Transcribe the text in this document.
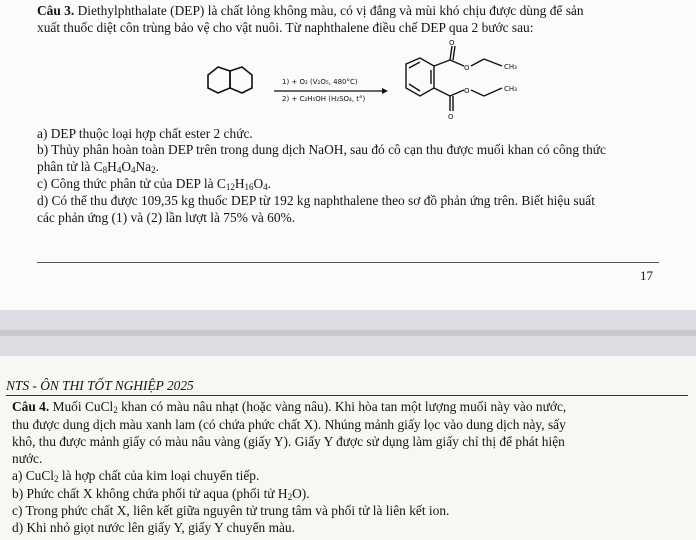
Câu 3. Diethylphthalate (DEP) là chất lỏng không màu, có vị đắng và mùi khó chịu được dùng để sản
xuất thuốc diệt côn trùng bảo vệ cho vật nuôi. Từ naphthalene điều chế DEP qua 2 bước sau:
1) + O₂ (V₂O₅, 480°C)
2) + C₂H₅OH (H₂SO₄, t°)
O
O	CH₃
O	CH₃
O
a) DEP thuộc loại hợp chất ester 2 chức.
b) Thủy phân hoàn toàn DEP trên trong dung dịch NaOH, sau đó cô cạn thu được muối khan có công thức
phân tử là $C_8H_4O_4Na_2$.
c) Công thức phân tử của DEP là $C_{12}H_{16}O_4$.
d) Có thể thu được 109,35 kg thuốc DEP từ 192 kg naphthalene theo sơ đồ phản ứng trên. Biết hiệu suất
các phản ứng (1) và (2) lần lượt là 75% và 60%.
17
NTS - ÔN THI TỐT NGHIỆP 2025
Câu 4. Muối CuCl$_2$ khan có màu nâu nhạt (hoặc vàng nâu). Khi hòa tan một lượng muối này vào nước,
thu được dung dịch màu xanh lam (có chứa phức chất X). Nhúng mảnh giấy lọc vào dung dịch này, sấy
khô, thu được mảnh giấy có màu nâu vàng (giấy Y). Giấy Y được sử dụng làm giấy chỉ thị để phát hiện
nước.
a) CuCl$_2$ là hợp chất của kim loại chuyển tiếp.
b) Phức chất X không chứa phối tử aqua (phối tử $H_2O$).
c) Trong phức chất X, liên kết giữa nguyên tử trung tâm và phối tử là liên kết ion.
d) Khi nhỏ giọt nước lên giấy Y, giấy Y chuyển màu.
